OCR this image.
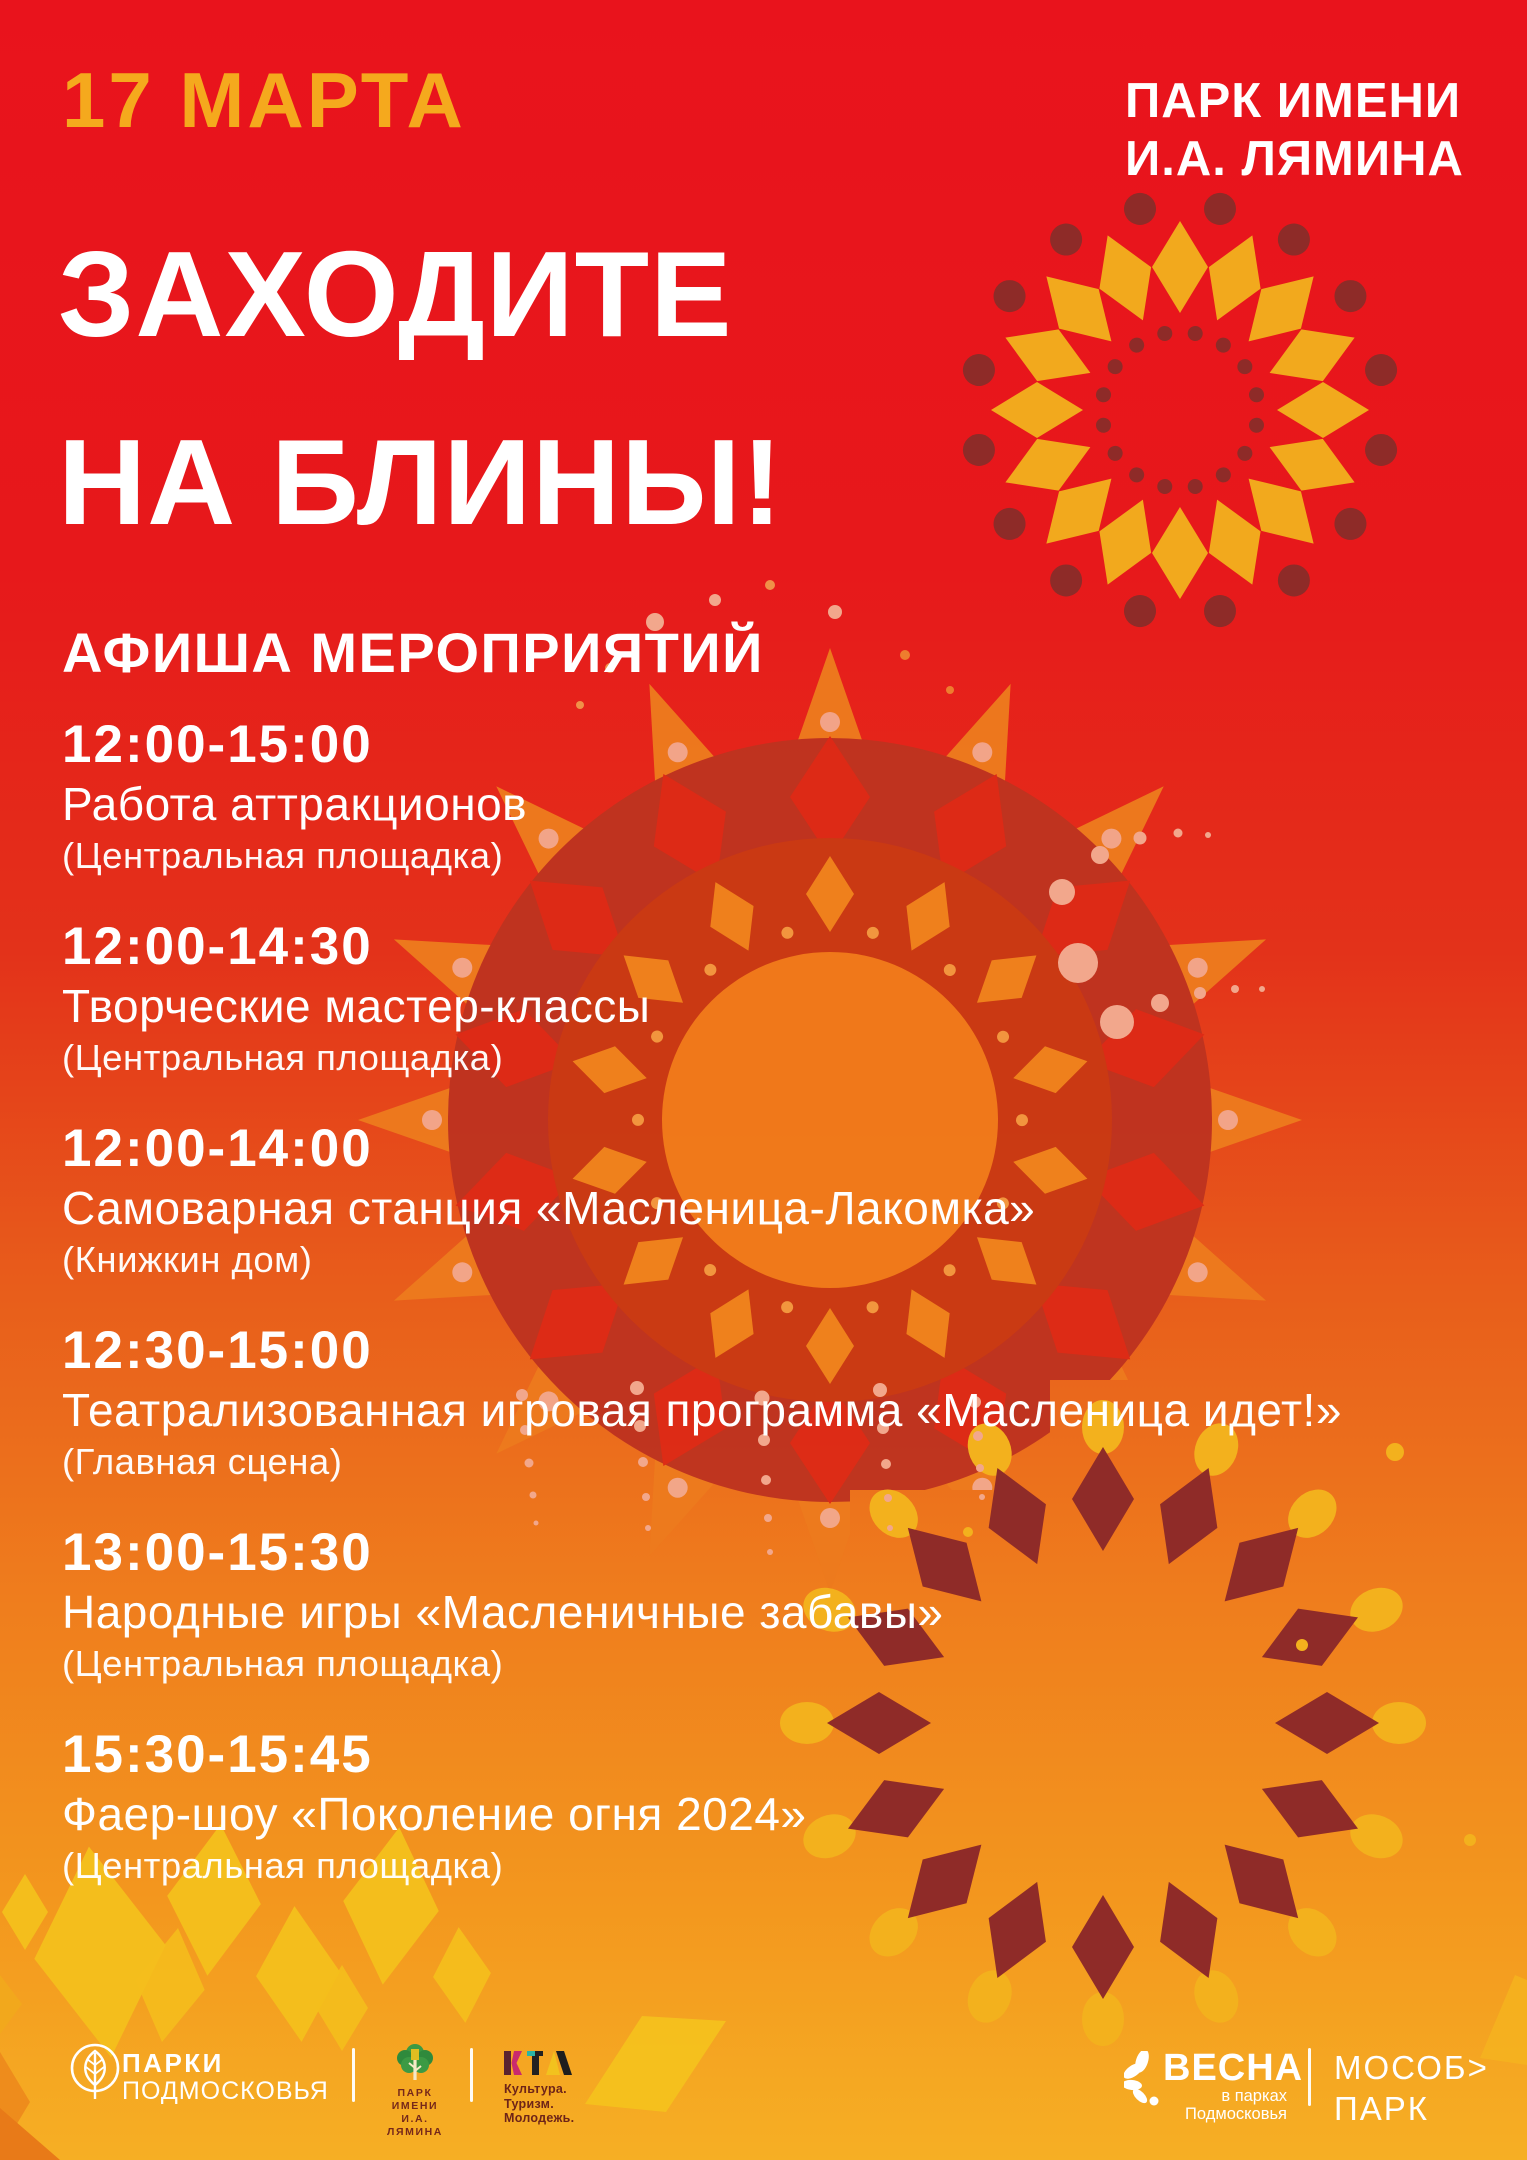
17 МАРТА	ПАРК ИМЕНИ
И.А. ЛЯМИНА
ЗАХОДИТЕ
НА БЛИНЫ!
АФИША МЕРОПРИЯТИЙ
12:00-15:00
Работа аттракционов
(Центральная площадка)
12:00-14:30
Творческие мастер-классы
(Центральная площадка)
12:00-14:00
Самоварная станция «Масленица-Лакомка»
(Книжкин дом)
12:30-15:00
Театрализованная игровая программа «Масленица идет!»
(Главная сцена)
13:00-15:30
Народные игры «Масленичные забавы»
(Центральная площадка)
15:30-15:45
Фаер-шоу «Поколение огня 2024»
(Центральная площадка)
ПАРКИ
ПОДМОСКОВЬЯ	ПАРК ИМЕНИ
И.А. ЛЯМИНА
Культура.
Туризм.
Молодежь.
ВЕСНА
в парках
Подмосковья
МОСОБ>
ПАРК
